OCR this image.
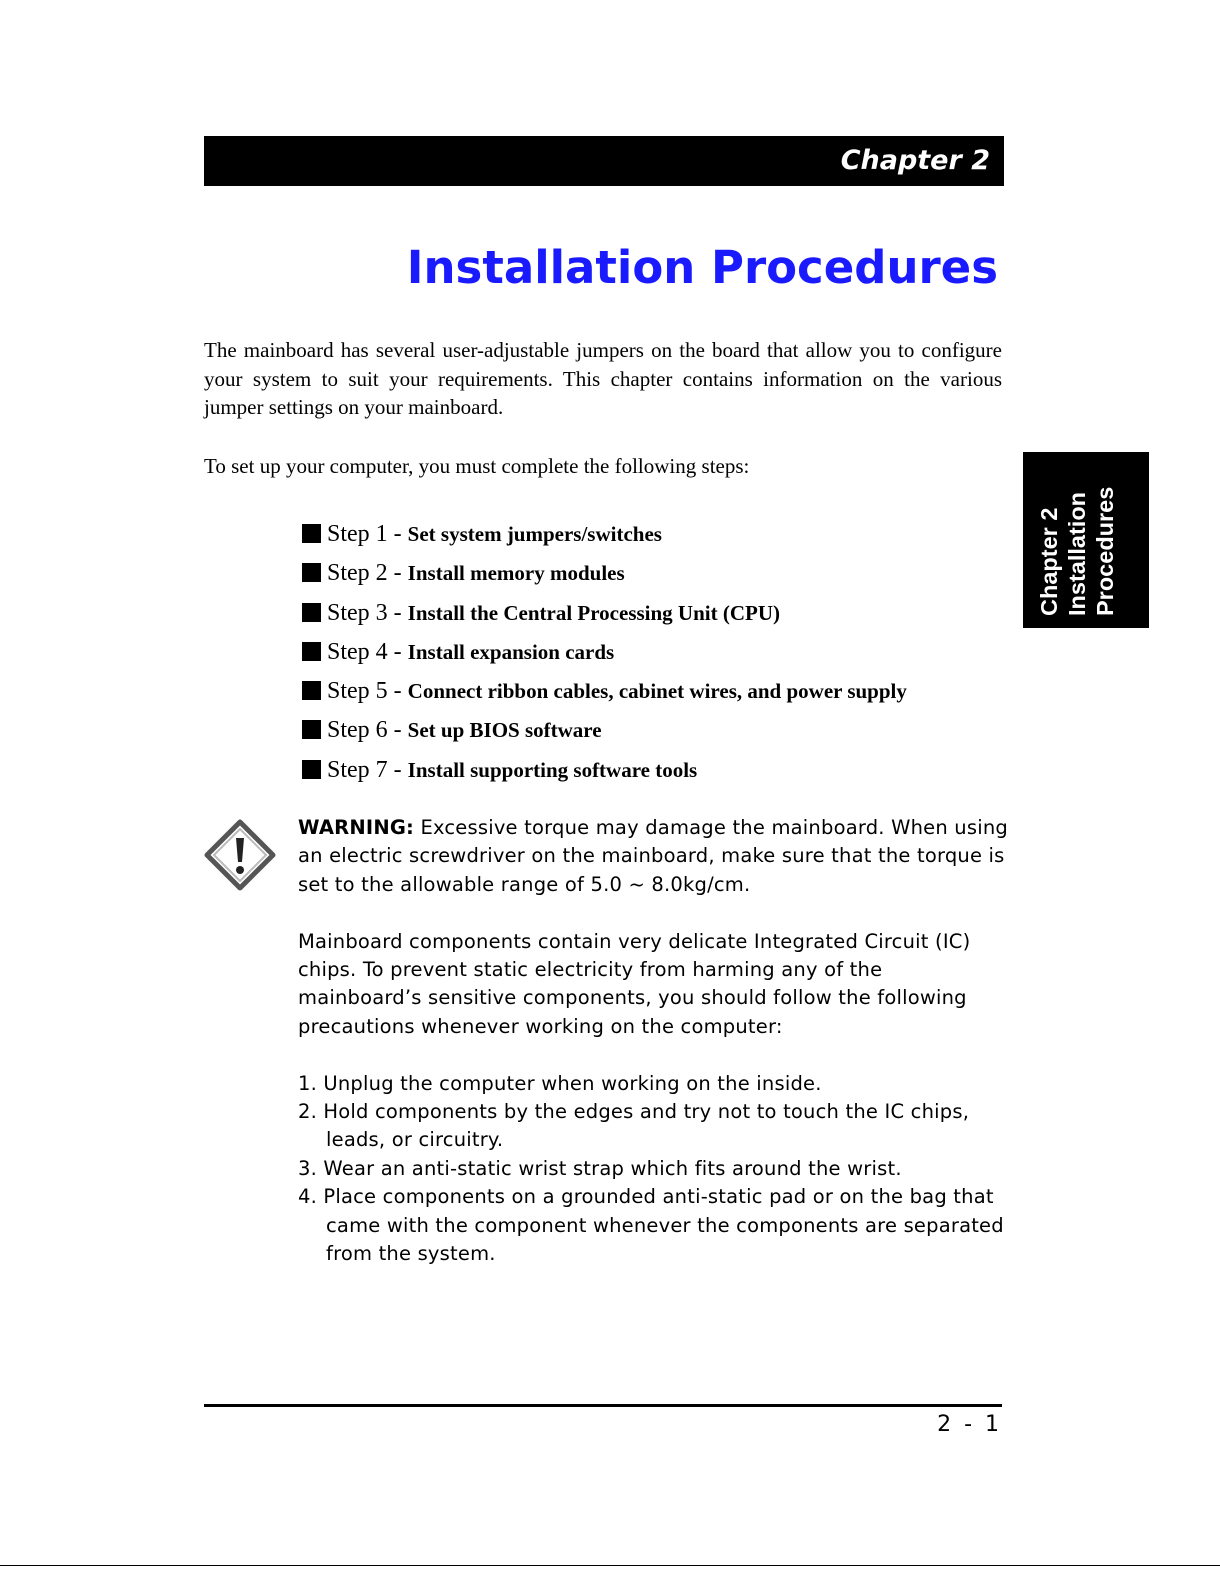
Chapter 2
Installation Procedures

The mainboard has several user-adjustable jumpers on the board that allow you to configure your system to suit your requirements. This chapter contains information on the various jumper settings on your mainboard.

To set up your computer, you must complete the following steps:

Step 1 - Set system jumpers/switches
Step 2 - Install memory modules
Step 3 - Install the Central Processing Unit (CPU)
Step 4 - Install expansion cards
Step 5 - Connect ribbon cables, cabinet wires, and power supply
Step 6 - Set up BIOS software
Step 7 - Install supporting software tools
Chapter 2 Installation Procedures

WARNING: Excessive torque may damage the mainboard. When using an electric screwdriver on the mainboard, make sure that the torque is set to the allowable range of 5.0 ~ 8.0kg/cm.

Mainboard components contain very delicate Integrated Circuit (IC) chips. To prevent static electricity from harming any of the mainboard’s sensitive components, you should follow the following precautions whenever working on the computer:

1. Unplug the computer when working on the inside.
2. Hold components by the edges and try not to touch the IC chips, leads, or circuitry.
3. Wear an anti-static wrist strap which fits around the wrist.
4. Place components on a grounded anti-static pad or on the bag that came with the component whenever the components are separated from the system.
2 - 1
